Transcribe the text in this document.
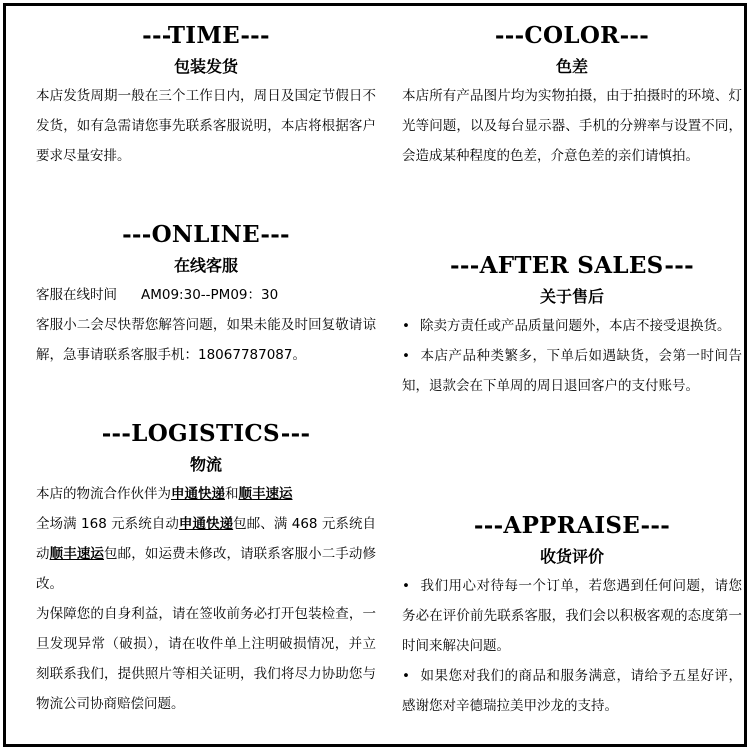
---TIME---
包装发货

本店发货周期一般在三个工作日内，周日及国定节假日不发货，如有急需请您事先联系客服说明，本店将根据客户要求尽量安排。

---ONLINE---
在线客服

客服在线时间 AM09:30--PM09：30

客服小二会尽快帮您解答问题，如果未能及时回复敬请谅解，急事请联系客服手机：18067787087。

---LOGISTICS---
物流

本店的物流合作伙伴为申通快递和顺丰速运

全场满 168 元系统自动申通快递包邮、满 468 元系统自动顺丰速运包邮，如运费未修改，请联系客服小二手动修改。

为保障您的自身利益，请在签收前务必打开包装检查，一旦发现异常（破损），请在收件单上注明破损情况，并立刻联系我们，提供照片等相关证明，我们将尽力协助您与物流公司协商赔偿问题。

---COLOR---
色差

本店所有产品图片均为实物拍摄，由于拍摄时的环境、灯光等问题，以及每台显示器、手机的分辨率与设置不同，会造成某种程度的色差，介意色差的亲们请慎拍。

---AFTER SALES---
关于售后

• 除卖方责任或产品质量问题外，本店不接受退换货。

• 本店产品种类繁多，下单后如遇缺货，会第一时间告知，退款会在下单周的周日退回客户的支付账号。

---APPRAISE---
收货评价

• 我们用心对待每一个订单，若您遇到任何问题，请您务必在评价前先联系客服，我们会以积极客观的态度第一时间来解决问题。

• 如果您对我们的商品和服务满意，请给予五星好评，感谢您对辛德瑞拉美甲沙龙的支持。
